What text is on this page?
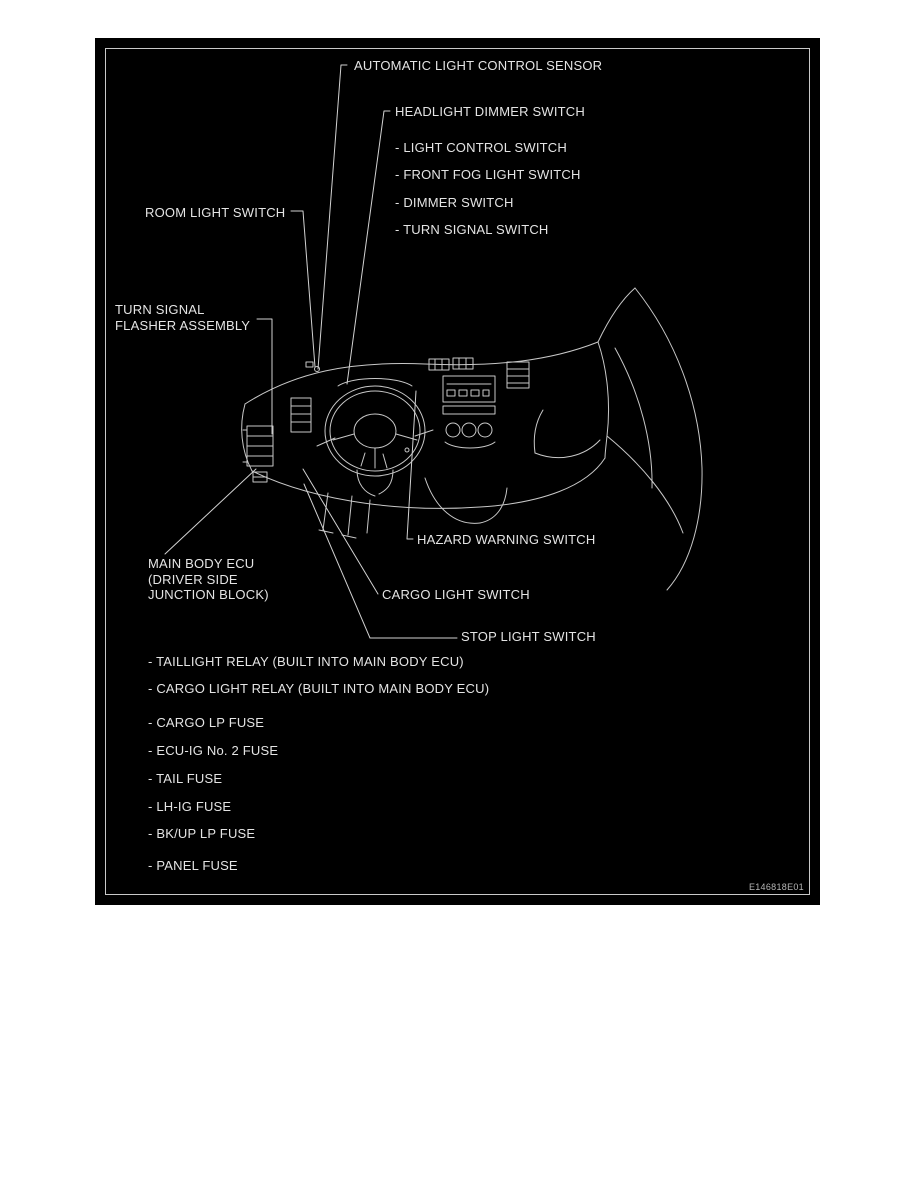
AUTOMATIC LIGHT CONTROL SENSOR
HEADLIGHT DIMMER SWITCH
- LIGHT CONTROL SWITCH
- FRONT FOG LIGHT SWITCH
- DIMMER SWITCH
- TURN SIGNAL SWITCH
ROOM LIGHT SWITCH
TURN SIGNAL
FLASHER ASSEMBLY
MAIN BODY ECU
(DRIVER SIDE
JUNCTION BLOCK)
HAZARD WARNING SWITCH
CARGO LIGHT SWITCH
STOP LIGHT SWITCH
- TAILLIGHT RELAY (BUILT INTO MAIN BODY ECU)
- CARGO LIGHT RELAY (BUILT INTO MAIN BODY ECU)
- CARGO LP FUSE
- ECU-IG No. 2 FUSE
- TAIL FUSE
- LH-IG FUSE
- BK/UP LP FUSE
- PANEL FUSE
E146818E01
